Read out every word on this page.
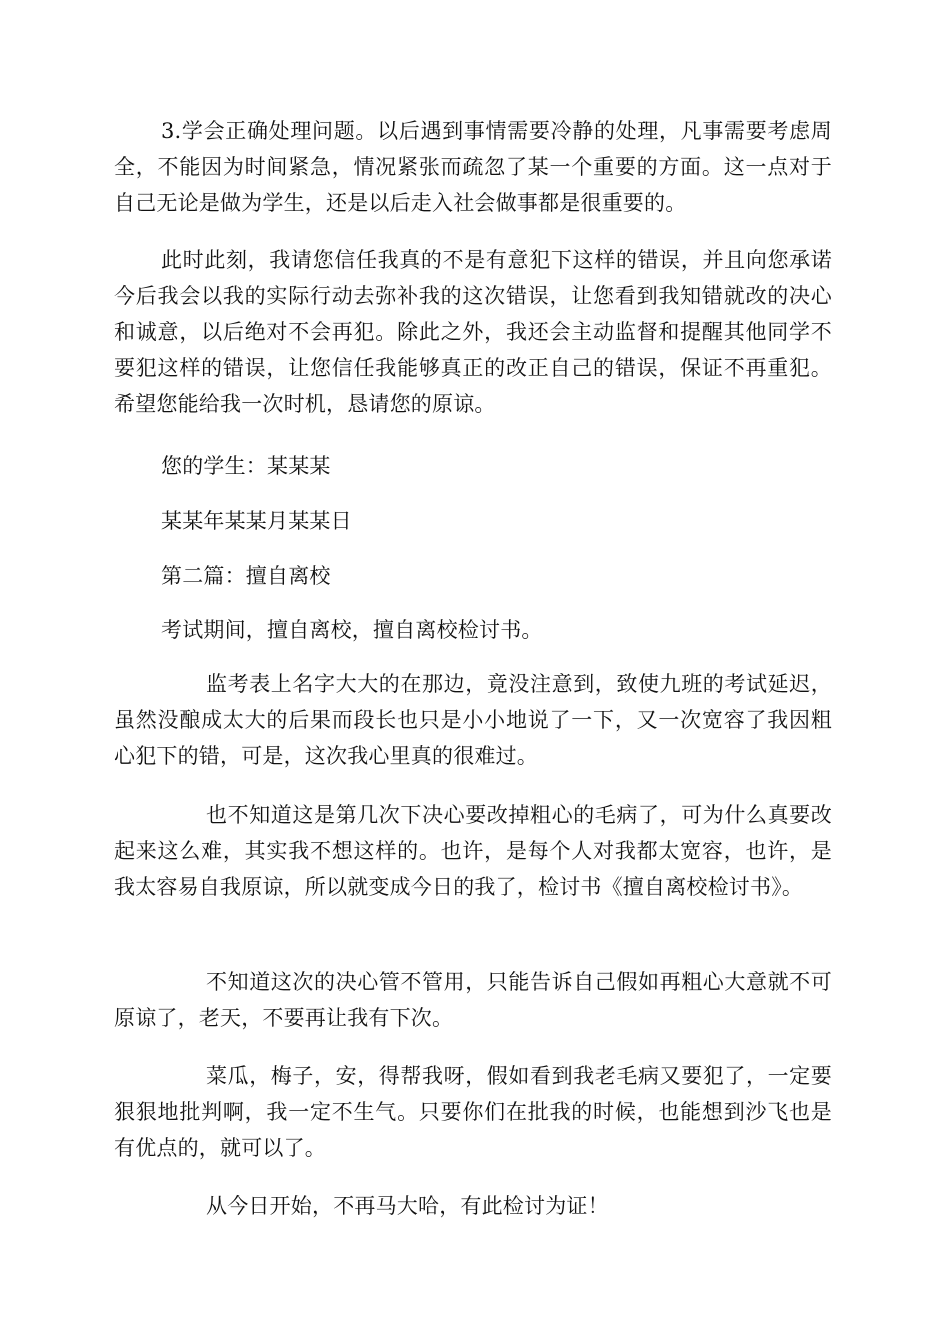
3.学会正确处理问题。以后遇到事情需要冷静的处理，凡事需要考虑周全，不能因为时间紧急，情况紧张而疏忽了某一个重要的方面。这一点对于自己无论是做为学生，还是以后走入社会做事都是很重要的。

此时此刻，我请您信任我真的不是有意犯下这样的错误，并且向您承诺今后我会以我的实际行动去弥补我的这次错误，让您看到我知错就改的决心和诚意，以后绝对不会再犯。除此之外，我还会主动监督和提醒其他同学不要犯这样的错误，让您信任我能够真正的改正自己的错误，保证不再重犯。希望您能给我一次时机，恳请您的原谅。

您的学生：某某某

某某年某某月某某日

第二篇：擅自离校

考试期间，擅自离校，擅自离校检讨书。

监考表上名字大大的在那边，竟没注意到，致使九班的考试延迟，虽然没酿成太大的后果而段长也只是小小地说了一下，又一次宽容了我因粗心犯下的错，可是，这次我心里真的很难过。

也不知道这是第几次下决心要改掉粗心的毛病了，可为什么真要改起来这么难，其实我不想这样的。也许，是每个人对我都太宽容，也许，是我太容易自我原谅，所以就变成今日的我了，检讨书《擅自离校检讨书》。

不知道这次的决心管不管用，只能告诉自己假如再粗心大意就不可原谅了，老天，不要再让我有下次。

菜瓜，梅子，安，得帮我呀，假如看到我老毛病又要犯了，一定要狠狠地批判啊，我一定不生气。只要你们在批我的时候，也能想到沙飞也是有优点的，就可以了。

从今日开始，不再马大哈，有此检讨为证！
